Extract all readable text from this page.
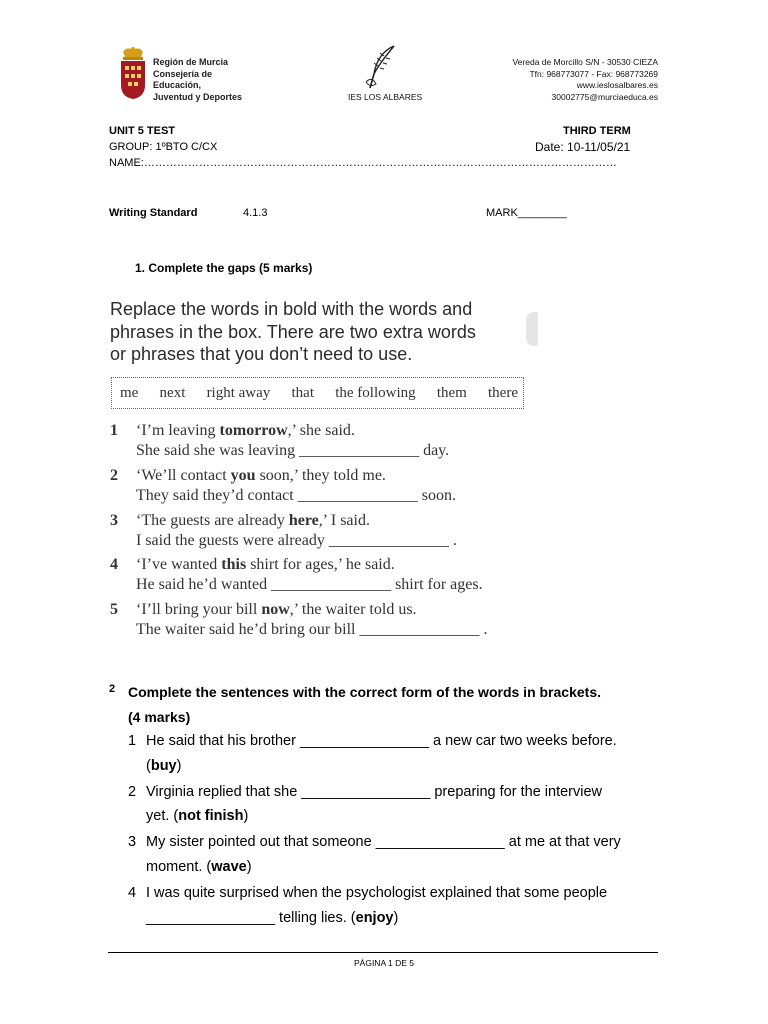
Región de Murcia
Consejería de
Educación,
Juventud y Deportes	IES LOS ALBARES
Vereda de Morcillo S/N - 30530 CIEZA
Tfn: 968773077 - Fax: 968773269
www.ieslosalbares.es
30002775@murciaeduca.es
UNIT 5 TEST	THIRD TERM
GROUP: 1ºBTO C/CX	Date: 10-11/05/21
NAME:…………………………………………………………………………………………………………………
Writing Standard	4.1.3	MARK________
1. Complete the gaps (5 marks)
Replace the words in bold with the words and
phrases in the box. There are two extra words
or phrases that you don’t need to use.
me next right away that the following them there
1 ‘I’m leaving tomorrow,’ she said.
She said she was leaving _______________ day.
2 ‘We’ll contact you soon,’ they told me.
They said they’d contact _______________ soon.
3 ‘The guests are already here,’ I said.
I said the guests were already _______________ .
4 ‘I’ve wanted this shirt for ages,’ he said.
He said he’d wanted _______________ shirt for ages.
5 ‘I’ll bring your bill now,’ the waiter told us.
The waiter said he’d bring our bill _______________ .
2 Complete the sentences with the correct form of the words in brackets.
(4 marks)
1 He said that his brother ________________ a new car two weeks before.
(buy)
2 Virginia replied that she ________________ preparing for the interview
yet. (not finish)
3 My sister pointed out that someone ________________ at me at that very
moment. (wave)
4 I was quite surprised when the psychologist explained that some people
________________ telling lies. (enjoy)
PÁGINA 1 DE 5
